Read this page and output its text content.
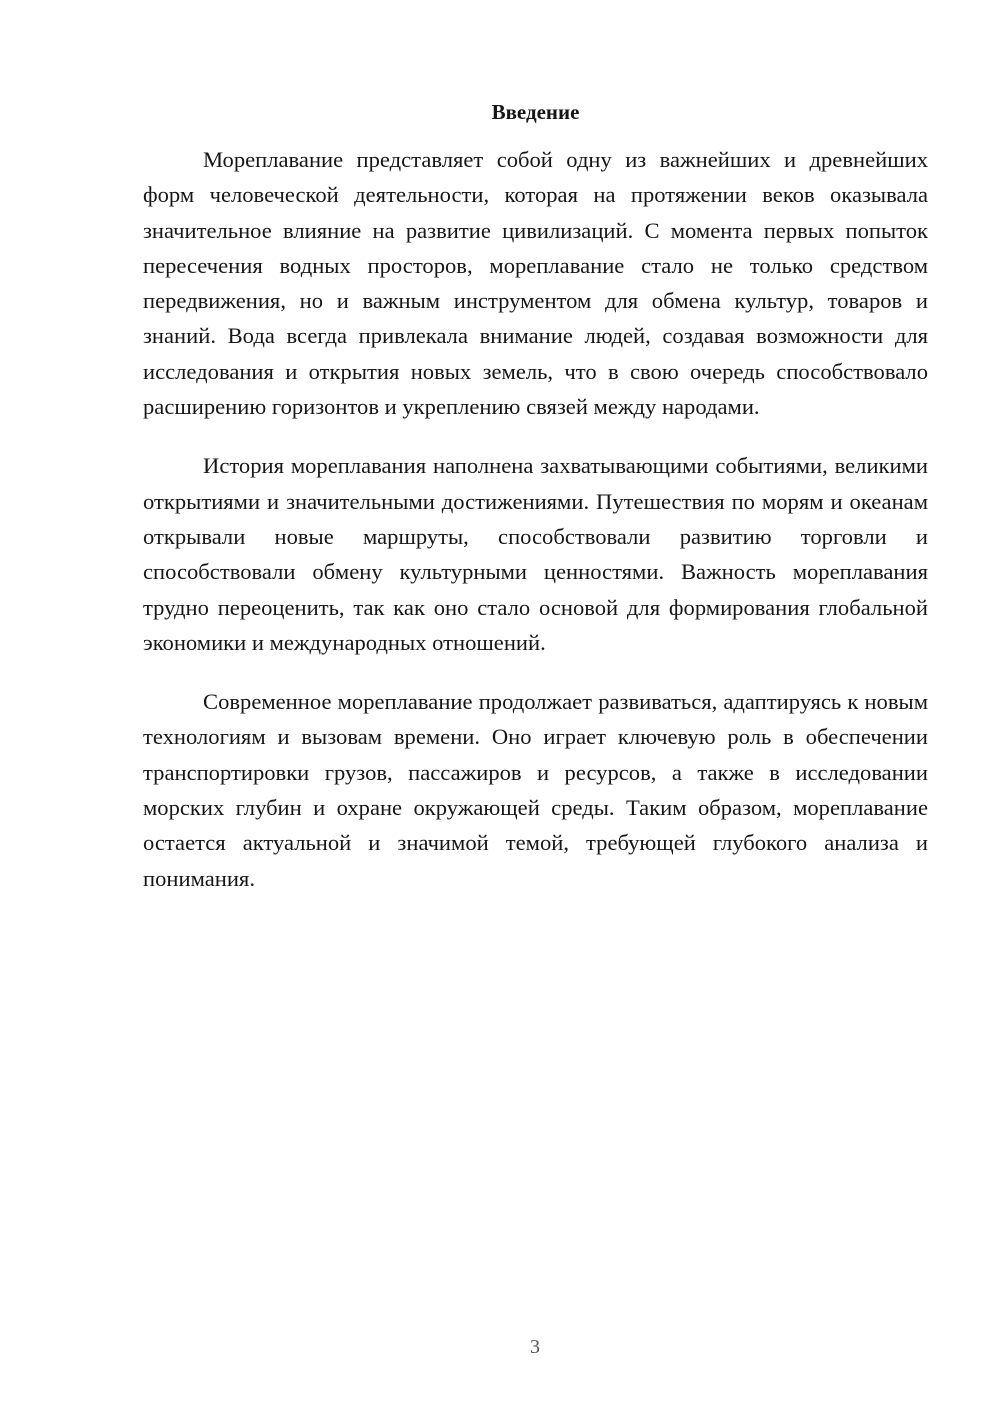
Введение

Мореплавание представляет собой одну из важнейших и древнейших форм человеческой деятельности, которая на протяжении веков оказывала значительное влияние на развитие цивилизаций. С момента первых попыток пересечения водных просторов, мореплавание стало не только средством передвижения, но и важным инструментом для обмена культур, товаров и знаний. Вода всегда привлекала внимание людей, создавая возможности для исследования и открытия новых земель, что в свою очередь способствовало расширению горизонтов и укреплению связей между народами.

История мореплавания наполнена захватывающими событиями, великими открытиями и значительными достижениями. Путешествия по морям и океанам открывали новые маршруты, способствовали развитию торговли и способствовали обмену культурными ценностями. Важность мореплавания трудно переоценить, так как оно стало основой для формирования глобальной экономики и международных отношений.

Современное мореплавание продолжает развиваться, адаптируясь к новым технологиям и вызовам времени. Оно играет ключевую роль в обеспечении транспортировки грузов, пассажиров и ресурсов, а также в исследовании морских глубин и охране окружающей среды. Таким образом, мореплавание остается актуальной и значимой темой, требующей глубокого анализа и понимания.

3
